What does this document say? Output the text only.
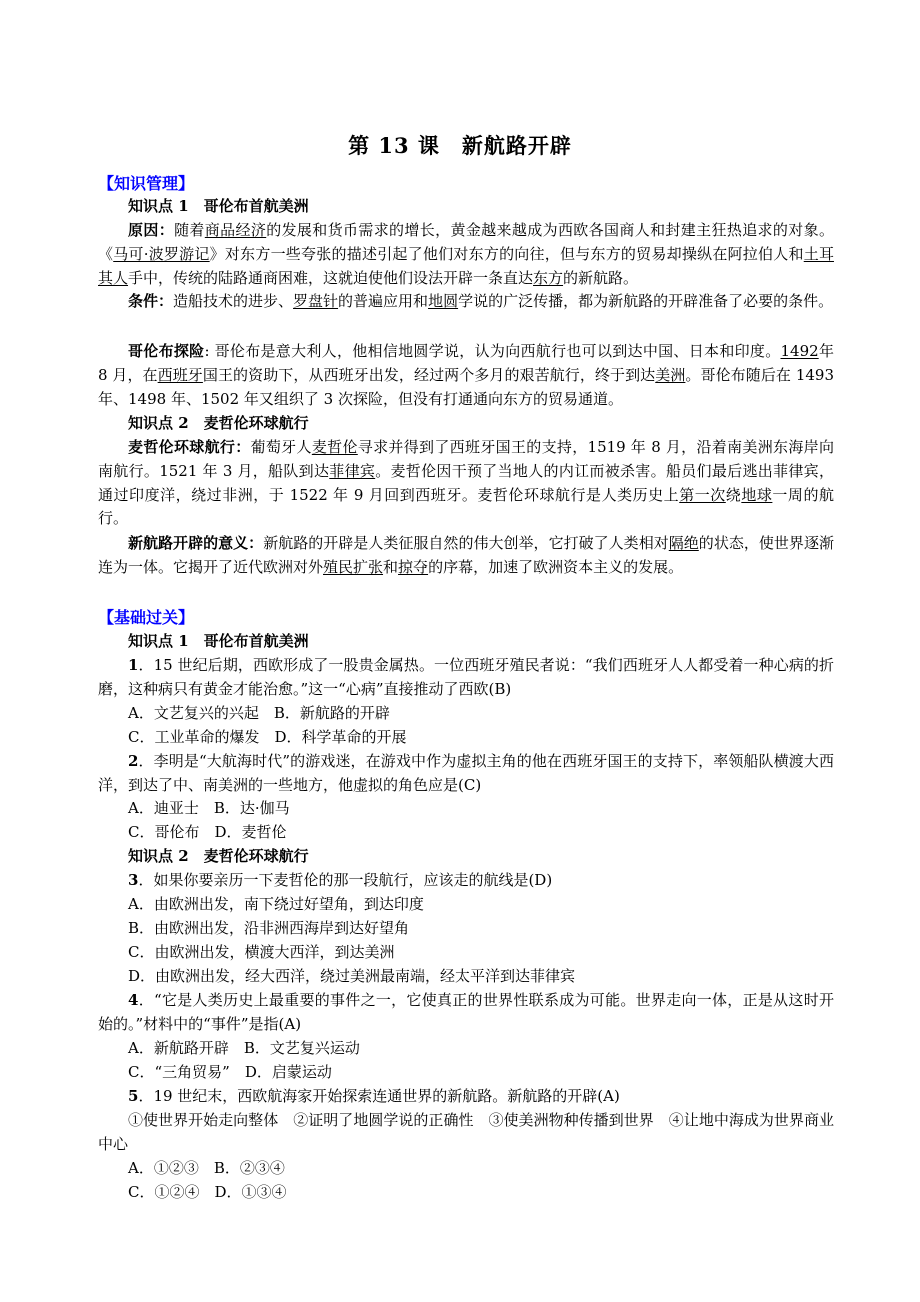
第 13 课　新航路开辟
【知识管理】
知识点 1　哥伦布首航美洲

原因：随着商品经济的发展和货币需求的增长，黄金越来越成为西欧各国商人和封建主狂热追求的对象。《马可·波罗游记》对东方一些夸张的描述引起了他们对东方的向往，但与东方的贸易却操纵在阿拉伯人和土耳其人手中，传统的陆路通商困难，这就迫使他们设法开辟一条直达东方的新航路。

条件：造船技术的进步、罗盘针的普遍应用和地圆学说的广泛传播，都为新航路的开辟准备了必要的条件。

哥伦布探险: 哥伦布是意大利人，他相信地圆学说，认为向西航行也可以到达中国、日本和印度。1492年 8 月，在西班牙国王的资助下，从西班牙出发，经过两个多月的艰苦航行，终于到达美洲。哥伦布随后在 1493 年、1498 年、1502 年又组织了 3 次探险，但没有打通通向东方的贸易通道。

知识点 2　麦哲伦环球航行

麦哲伦环球航行：葡萄牙人麦哲伦寻求并得到了西班牙国王的支持，1519 年 8 月，沿着南美洲东海岸向南航行。1521 年 3 月，船队到达菲律宾。麦哲伦因干预了当地人的内讧而被杀害。船员们最后逃出菲律宾，通过印度洋，绕过非洲，于 1522 年 9 月回到西班牙。麦哲伦环球航行是人类历史上第一次绕地球一周的航行。

新航路开辟的意义：新航路的开辟是人类征服自然的伟大创举，它打破了人类相对隔绝的状态，使世界逐渐连为一体。它揭开了近代欧洲对外殖民扩张和掠夺的序幕，加速了欧洲资本主义的发展。

【基础过关】
知识点 1　哥伦布首航美洲

1．15 世纪后期，西欧形成了一股贵金属热。一位西班牙殖民者说：“我们西班牙人人都受着一种心病的折磨，这种病只有黄金才能治愈。”这一“心病”直接推动了西欧(B)

A．文艺复兴的兴起　B．新航路的开辟
C．工业革命的爆发　D．科学革命的开展

2．李明是“大航海时代”的游戏迷，在游戏中作为虚拟主角的他在西班牙国王的支持下，率领船队横渡大西洋，到达了中、南美洲的一些地方，他虚拟的角色应是(C)

A．迪亚士　B．达·伽马
C．哥伦布　D．麦哲伦
知识点 2　麦哲伦环球航行

3．如果你要亲历一下麦哲伦的那一段航行，应该走的航线是(D)

A．由欧洲出发，南下绕过好望角，到达印度
B．由欧洲出发，沿非洲西海岸到达好望角
C．由欧洲出发，横渡大西洋，到达美洲
D．由欧洲出发，经大西洋，绕过美洲最南端，经太平洋到达菲律宾

4．“它是人类历史上最重要的事件之一，它使真正的世界性联系成为可能。世界走向一体，正是从这时开始的。”材料中的“事件”是指(A)

A．新航路开辟　B．文艺复兴运动
C．“三角贸易”　D．启蒙运动

5．19 世纪末，西欧航海家开始探索连通世界的新航路。新航路的开辟(A)

①使世界开始走向整体　②证明了地圆学说的正确性　③使美洲物种传播到世界　④让地中海成为世界商业中心

A．①②③　B．②③④
C．①②④　D．①③④
